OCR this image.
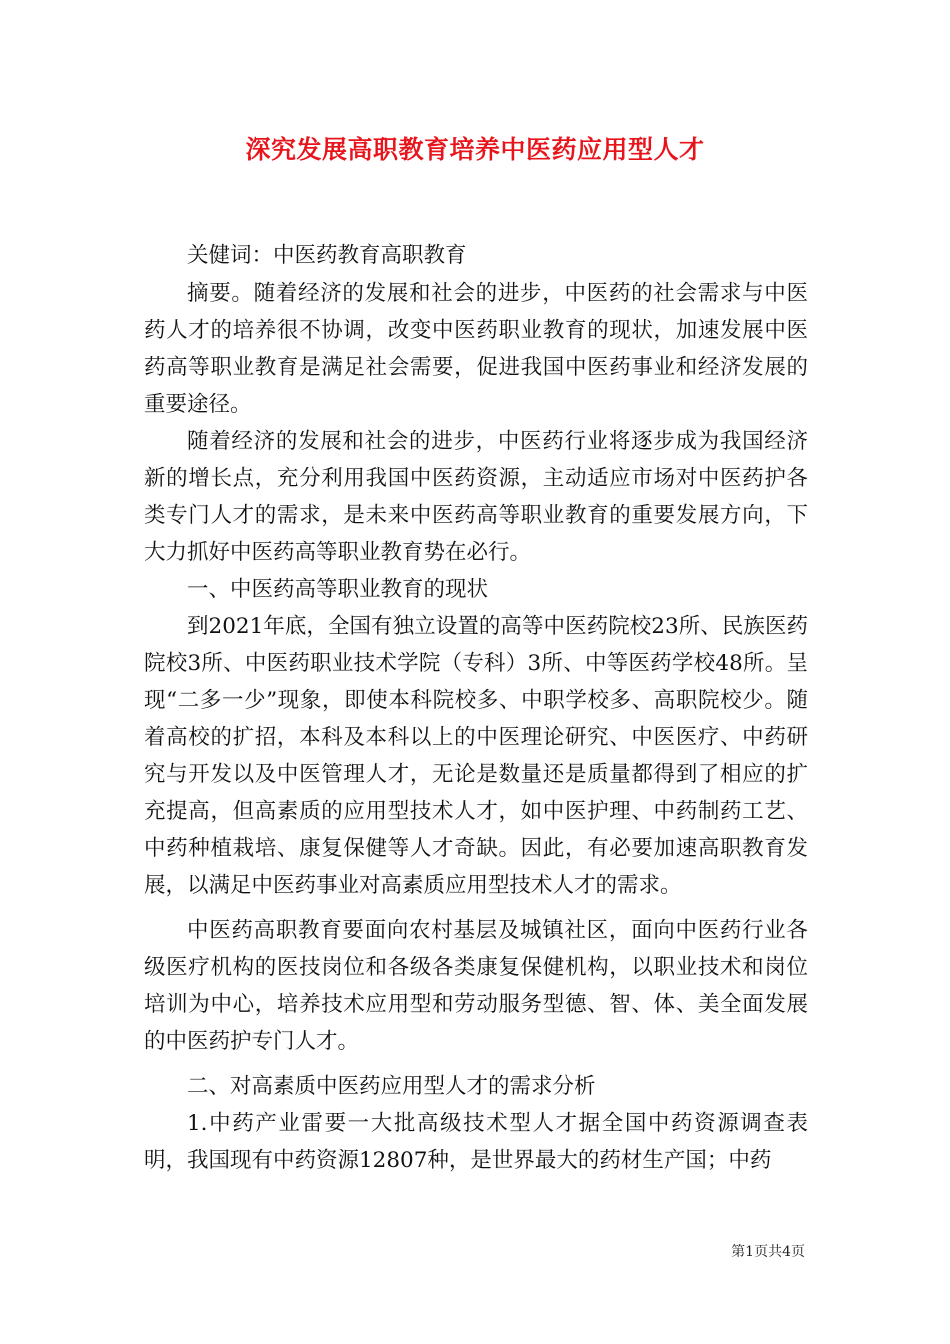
深究发展高职教育培养中医药应用型人才

关健词：中医药教育高职教育

摘要。随着经济的发展和社会的进步，中医药的社会需求与中医药人才的培养很不协调，改变中医药职业教育的现状，加速发展中医药高等职业教育是满足社会需要，促进我国中医药事业和经济发展的重要途径。

随着经济的发展和社会的进步，中医药行业将逐步成为我国经济新的增长点，充分利用我国中医药资源，主动适应市场对中医药护各类专门人才的需求，是未来中医药高等职业教育的重要发展方向，下大力抓好中医药高等职业教育势在必行。

一、中医药高等职业教育的现状

到2021年底，全国有独立设置的高等中医药院校23所、民族医药院校3所、中医药职业技术学院（专科）3所、中等医药学校48所。呈现“二多一少”现象，即使本科院校多、中职学校多、高职院校少。随着高校的扩招，本科及本科以上的中医理论研究、中医医疗、中药研究与开发以及中医管理人才，无论是数量还是质量都得到了相应的扩充提高，但高素质的应用型技术人才，如中医护理、中药制药工艺、中药种植栽培、康复保健等人才奇缺。因此，有必要加速高职教育发展，以满足中医药事业对高素质应用型技术人才的需求。

中医药高职教育要面向农村基层及城镇社区，面向中医药行业各级医疗机构的医技岗位和各级各类康复保健机构，以职业技术和岗位培训为中心，培养技术应用型和劳动服务型德、智、体、美全面发展的中医药护专门人才。

二、对高素质中医药应用型人才的需求分析

1.中药产业雷要一大批高级技术型人才据全国中药资源调查表明，我国现有中药资源12807种，是世界最大的药材生产国；中药

第1页共4页
